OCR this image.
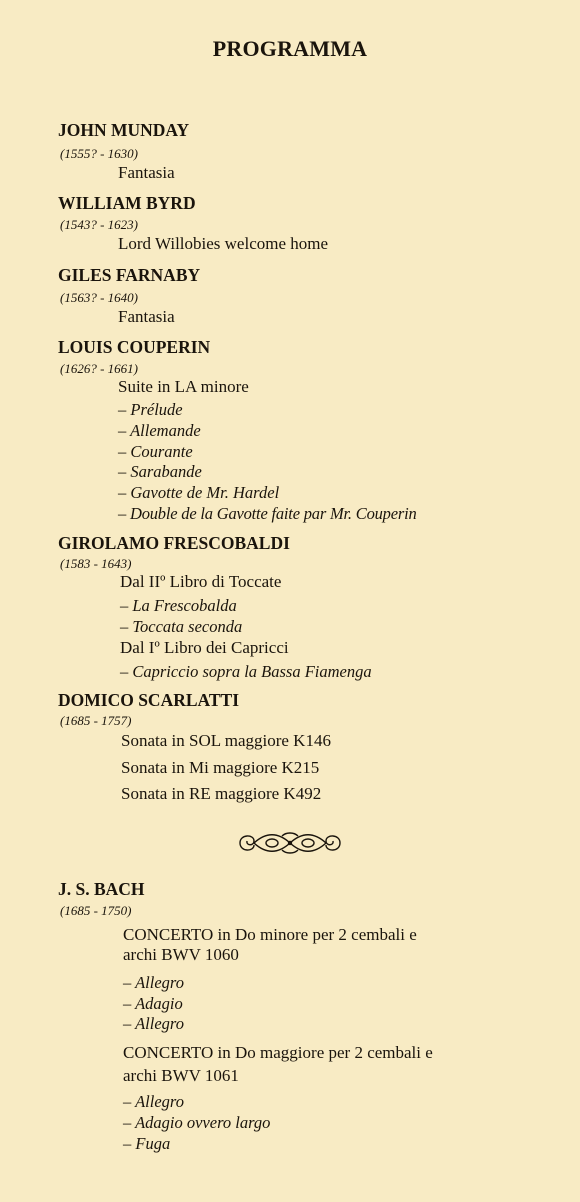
PROGRAMMA
JOHN MUNDAY
(1555? - 1630)
Fantasia
WILLIAM BYRD
(1543? - 1623)
Lord Willobies welcome home
GILES FARNABY
(1563? - 1640)
Fantasia
LOUIS COUPERIN
(1626? - 1661)
Suite in LA minore
– Prélude
– Allemande
– Courante
– Sarabande
– Gavotte de Mr. Hardel
– Double de la Gavotte faite par Mr. Couperin
GIROLAMO FRESCOBALDI
(1583 - 1643)
Dal IIº Libro di Toccate
– La Frescobalda
– Toccata seconda
Dal Iº Libro dei Capricci
– Capriccio sopra la Bassa Fiamenga
DOMICO SCARLATTI
(1685 - 1757)
Sonata in SOL maggiore K146
Sonata in Mi maggiore K215
Sonata in RE maggiore K492
J. S. BACH
(1685 - 1750)
CONCERTO in Do minore per 2 cembali e
archi BWV 1060
– Allegro
– Adagio
– Allegro
CONCERTO in Do maggiore per 2 cembali e
archi BWV 1061
– Allegro
– Adagio ovvero largo
– Fuga
